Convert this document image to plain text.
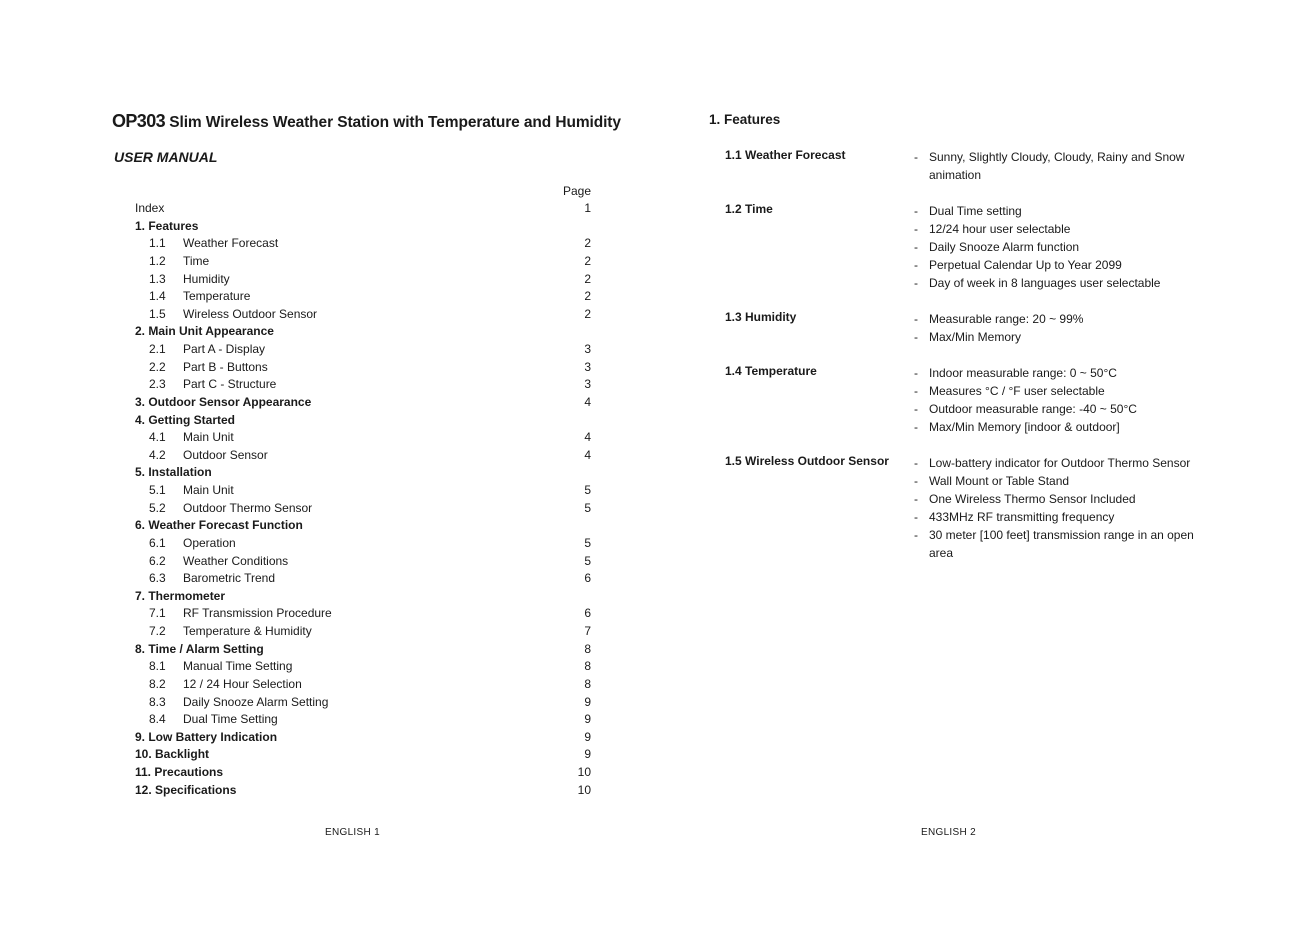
OP303 Slim Wireless Weather Station with Temperature and Humidity
USER MANUAL
Page
Index	1
1. Features
1.1 Weather Forecast	2
1.2 Time	2
1.3 Humidity	2
1.4 Temperature	2
1.5 Wireless Outdoor Sensor	2
2. Main Unit Appearance
2.1 Part A - Display	3
2.2 Part B - Buttons	3
2.3 Part C - Structure	3
3. Outdoor Sensor Appearance	4
4. Getting Started
4.1 Main Unit	4
4.2 Outdoor Sensor	4
5. Installation
5.1 Main Unit	5
5.2 Outdoor Thermo Sensor	5
6. Weather Forecast Function
6.1 Operation	5
6.2 Weather Conditions	5
6.3 Barometric Trend	6
7. Thermometer
7.1 RF Transmission Procedure	6
7.2 Temperature & Humidity	7
8. Time / Alarm Setting	8
8.1 Manual Time Setting	8
8.2 12 / 24 Hour Selection	8
8.3 Daily Snooze Alarm Setting	9
8.4 Dual Time Setting	9
9. Low Battery Indication	9
10. Backlight	9
11. Precautions	10
12. Specifications	10
ENGLISH 1
1. Features
1.1 Weather Forecast	- Sunny, Slightly Cloudy, Cloudy, Rainy and Snow animation
1.2 Time	- Dual Time setting
- 12/24 hour user selectable
- Daily Snooze Alarm function
- Perpetual Calendar Up to Year 2099
- Day of week in 8 languages user selectable
1.3 Humidity	- Measurable range: 20 ~ 99%
- Max/Min Memory
1.4 Temperature	- Indoor measurable range: 0 ~ 50°C
- Measures °C / °F user selectable
- Outdoor measurable range: -40 ~ 50°C
- Max/Min Memory [indoor & outdoor]
1.5 Wireless Outdoor Sensor	- Low-battery indicator for Outdoor Thermo Sensor
- Wall Mount or Table Stand
- One Wireless Thermo Sensor Included
- 433MHz RF transmitting frequency
- 30 meter [100 feet] transmission range in an open area
ENGLISH 2
